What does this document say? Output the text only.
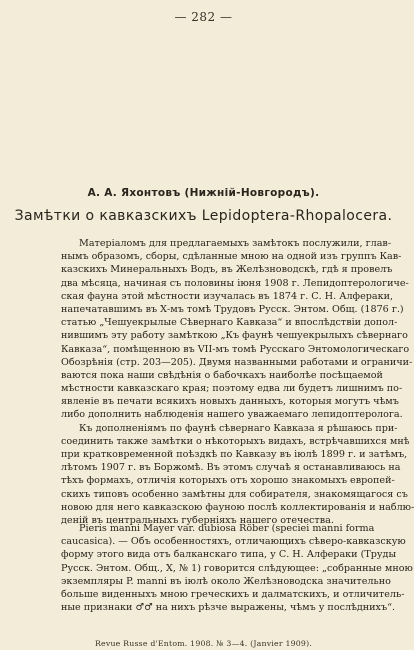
— 282 —
А. А. Яхонтовъ (Нижній-Новгородъ).
Замѣтки о кавказскихъ Lepidoptera-Rhopalocera.
Матеріаломъ для предлагаемыхъ замѣтокъ послужили, глав-
нымъ образомъ, сборы, сдѣланные мною на одной изъ группъ Кав-
казскихъ Минеральныхъ Водъ, въ Желѣзноводскѣ, гдѣ я провелъ
два мѣсяца, начиная съ половины іюня 1908 г. Лепидоптерологиче-
ская фауна этой мѣстности изучалась въ 1874 г. С. Н. Алфераки,
напечатавшимъ въ Х-мъ томѣ Трудовъ Русск. Энтом. Общ. (1876 г.)
статью „Чешуекрылые Сѣвернаго Кавказа“ и впослѣдствіи допол-
нившимъ эту работу замѣткою „Къ фаунѣ чешуекрылыхъ сѣвернаго
Кавказа“, помѣщенною въ VII-мъ томѣ Русскаго Энтомологическаго
Обозрѣнія (стр. 203—205). Двумя названными работами и ограничи-
ваются пока наши свѣдѣнія о бабочкахъ наиболѣе посѣщаемой
мѣстности кавказскаго края; поэтому едва ли будетъ лишнимъ по-
явленіе въ печати всякихъ новыхъ данныхъ, которыя могутъ чѣмъ
либо дополнить наблюденія нашего уважаемаго лепидоптеролога.
Къ дополненіямъ по фаунѣ сѣвернаго Кавказа я рѣшаюсь при-
соединить также замѣтки о нѣкоторыхъ видахъ, встрѣчавшихся мнѣ
при кратковременной поѣздкѣ по Кавказу въ іюлѣ 1899 г. и затѣмъ,
лѣтомъ 1907 г. въ Боржомѣ. Въ этомъ случаѣ я останавливаюсь на
тѣхъ формахъ, отличія которыхъ отъ хорошо знакомыхъ европей-
скихъ типовъ особенно замѣтны для собирателя, знакомящагося съ
новою для него кавказскою фауною послѣ коллектированія и наблю-
деній въ центральныхъ губерніяхъ нашего отечества.
Pieris manni Mayer var. dubiosa Röber (speciei manni forma
caucasica). — Объ особенностяхъ, отличающихъ сѣверо-кавказскую
форму этого вида отъ балканскаго типа, у С. Н. Алфераки (Труды
Русск. Энтом. Общ., X, № 1) говорится слѣдующее: „собранные мною
экземпляры P. manni въ іюлѣ около Желѣзноводска значительно
больше виденныхъ мною греческихъ и далматскихъ, и отличитель-
ные признаки ♂♂ на нихъ рѣзче выражены, чѣмъ у послѣднихъ“.
Revue Russe d'Entom. 1908. № 3—4. (Janvier 1909).
